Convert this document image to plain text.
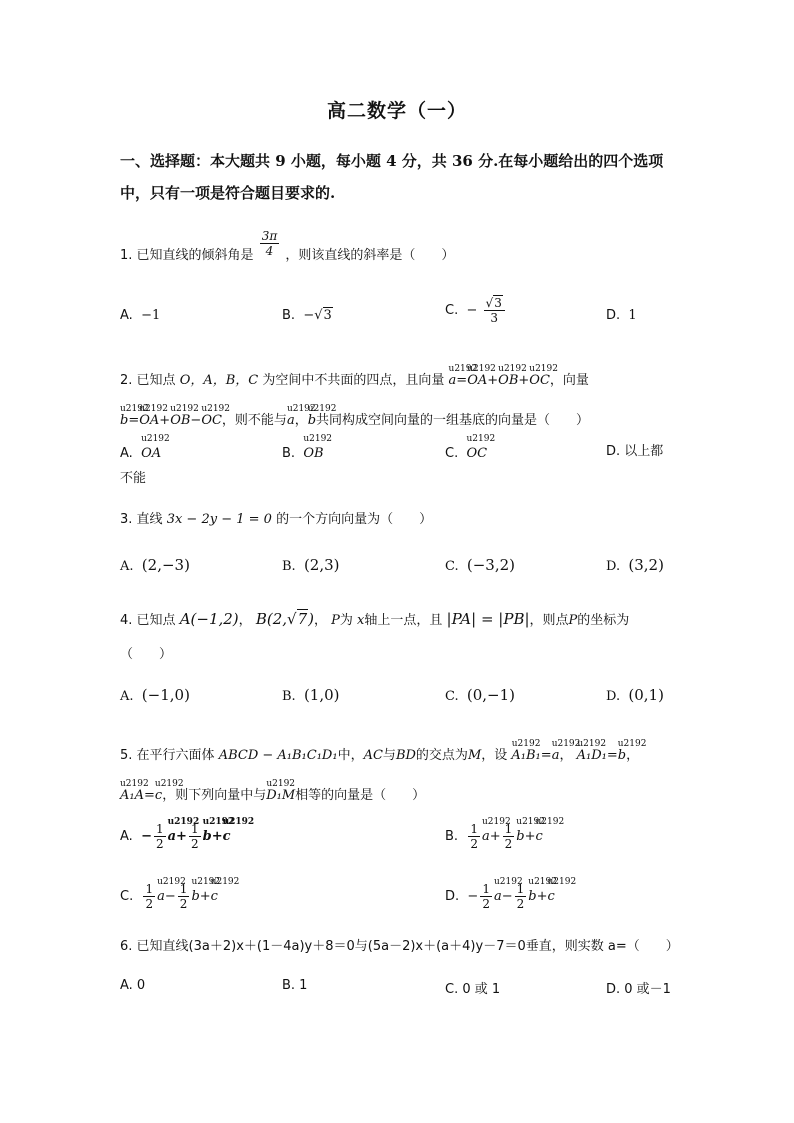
高二数学（一）
一、选择题：本大题共 9 小题，每小题 4 分，共 36 分.在每小题给出的四个选项
中，只有一项是符合题目要求的.
1. 已知直线的倾斜角是 $\frac{3\pi}{4}$ ，则该直线的斜率是（　　）
A. −1	B. −√3	C. − $\frac{√3}{3}$	D. 1
2. 已知点 O，A，B，C 为空间中不共面的四点，且向量 u2192 a=u2192 OA+u2192 OB+u2192 OC，向量
u2192 b=u2192 OA+u2192 OB−u2192 OC，则不能与u2192 a，u2192 b共同构成空间向量的一组基底的向量是（　　）
A.  u2192 OA	B.  u2192 OB	C.  u2192 OC	D. 以上都
不能
3. 直线 3x − 2y − 1 = 0 的一个方向向量为（　　）
A. (2,−3)	B. (2,3)	C. (−3,2)	D. (3,2)
4. 已知点 A(−1,2)， B(2,√7)， P为 x轴上一点，且 |PA| = |PB|，则点P的坐标为
（　　）
A. (−1,0)	B. (1,0)	C. (0,−1)	D. (0,1)
5. 在平行六面体 ABCD − A₁B₁C₁D₁中，AC与BD的交点为M，设 u2192 A₁B₁=u2192 a， u2192 A₁D₁=u2192 b，
u2192 A₁A=u2192 c，则下列向量中与u2192 D₁M相等的向量是（　　）
A. − $\frac{1}{2}$
u2192 $a+ \frac{1}{2}$
u2192 b+u2192 c	B. $\frac{1}{2}$
u2192 $a+ \frac{1}{2}$
u2192 b+u2192 c
C. $\frac{1}{2}$
u2192 $a- \frac{1}{2}$
u2192 b+u2192 c	D. − $\frac{1}{2}$
u2192 $a- \frac{1}{2}$
u2192 b+u2192 c
6. 已知直线(3a＋2)x＋(1－4a)y＋8＝0与(5a－2)x＋(a＋4)y－7＝0垂直，则实数 a=（　　）
A. 0	B. 1	C. 0 或 1	D. 0 或－1
